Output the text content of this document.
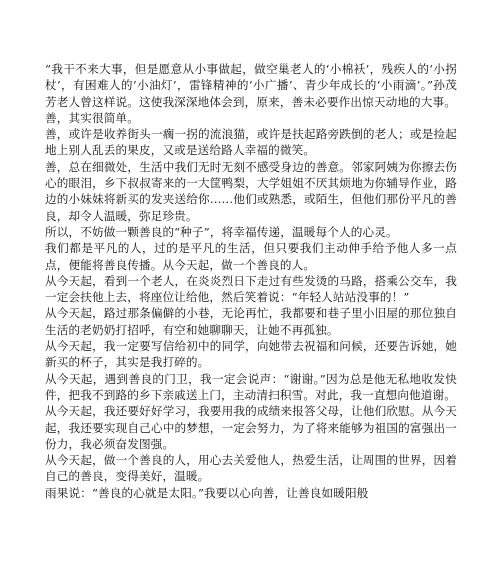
“我干不来大事，但是愿意从小事做起，做空巢老人的‘小棉袄’，残疾人的‘小拐杖’，有困难人的‘小油灯’，雷锋精神的‘小广播’、青少年成长的‘小雨滴’。”孙茂芳老人曾这样说。这使我深深地体会到，原来，善未必要作出惊天动地的大事。

善，其实很简单。

善，或许是收养街头一瘸一拐的流浪猫，或许是扶起路旁跌倒的老人；或是捡起地上别人乱丢的果皮，又或是送给路人幸福的微笑。

善，总在细微处，生活中我们无时无刻不感受身边的善意。邻家阿姨为你擦去伤心的眼泪，乡下叔叔寄来的一大筐鸭梨，大学姐姐不厌其烦地为你辅导作业，路边的小妹妹将新买的发夹送给你……他们或熟悉，或陌生，但他们那份平凡的善良，却令人温暖，弥足珍贵。

所以，不妨做一颗善良的“种子”，将幸福传递，温暖每个人的心灵。

我们都是平凡的人，过的是平凡的生活，但只要我们主动伸手给予他人多一点点，便能将善良传播。从今天起，做一个善良的人。

从今天起，看到一个老人，在炎炎烈日下走过有些发烫的马路，搭乘公交车，我一定会扶他上去，将座位让给他，然后笑着说：“年轻人站站没事的！”

从今天起，路过那条偏僻的小巷，无论再忙，我都要和巷子里小旧屋的那位独自生活的老奶奶打招呼，有空和她聊聊天，让她不再孤独。

从今天起，我一定要写信给初中的同学，向她带去祝福和问候，还要告诉她，她新买的杯子，其实是我打碎的。

从今天起，遇到善良的门卫，我一定会说声：“谢谢。”因为总是他无私地收发快件，把我不到路的乡下亲戚送上门，主动清扫积雪。对此，我一直想向他道谢。

从今天起，我还要好好学习，我要用我的成绩来报答父母，让他们欣慰。从今天起，我还要实现自己心中的梦想，一定会努力，为了将来能够为祖国的富强出一份力，我必须奋发图强。

从今天起，做一个善良的人，用心去关爱他人，热爱生活，让周围的世界，因着自己的善良，变得美好，温暖。

雨果说：“善良的心就是太阳。”我要以心向善，让善良如暖阳般
